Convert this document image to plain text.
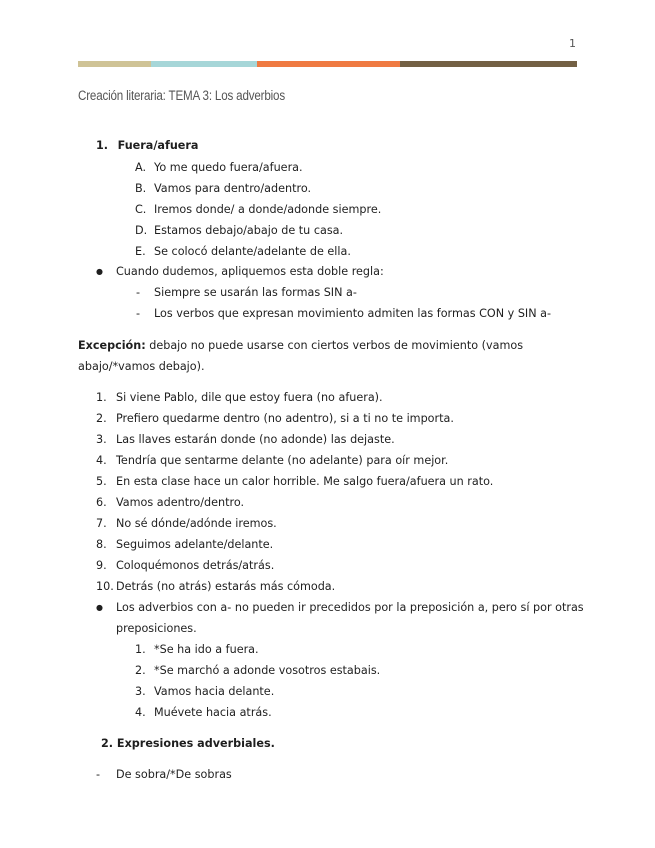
1
Creación literaria: TEMA 3: Los adverbios
1. Fuera/afuera
A. Yo me quedo fuera/afuera.
B. Vamos para dentro/adentro.
C. Iremos donde/ a donde/adonde siempre.
D. Estamos debajo/abajo de tu casa.
E. Se colocó delante/adelante de ella.
● Cuando dudemos, apliquemos esta doble regla:
- Siempre se usarán las formas SIN a-
- Los verbos que expresan movimiento admiten las formas CON y SIN a-
Excepción: debajo no puede usarse con ciertos verbos de movimiento (vamos
abajo/*vamos debajo).
1. Si viene Pablo, dile que estoy fuera (no afuera).
2. Prefiero quedarme dentro (no adentro), si a ti no te importa.
3. Las llaves estarán donde (no adonde) las dejaste.
4. Tendría que sentarme delante (no adelante) para oír mejor.
5. En esta clase hace un calor horrible. Me salgo fuera/afuera un rato.
6. Vamos adentro/dentro.
7. No sé dónde/adónde iremos.
8. Seguimos adelante/delante.
9. Coloquémonos detrás/atrás.
10. Detrás (no atrás) estarás más cómoda.
● Los adverbios con a- no pueden ir precedidos por la preposición a, pero sí por otras
preposiciones.
1. *Se ha ido a fuera.
2. *Se marchó a adonde vosotros estabais.
3. Vamos hacia delante.
4. Muévete hacia atrás.
2. Expresiones adverbiales.
- De sobra/*De sobras
